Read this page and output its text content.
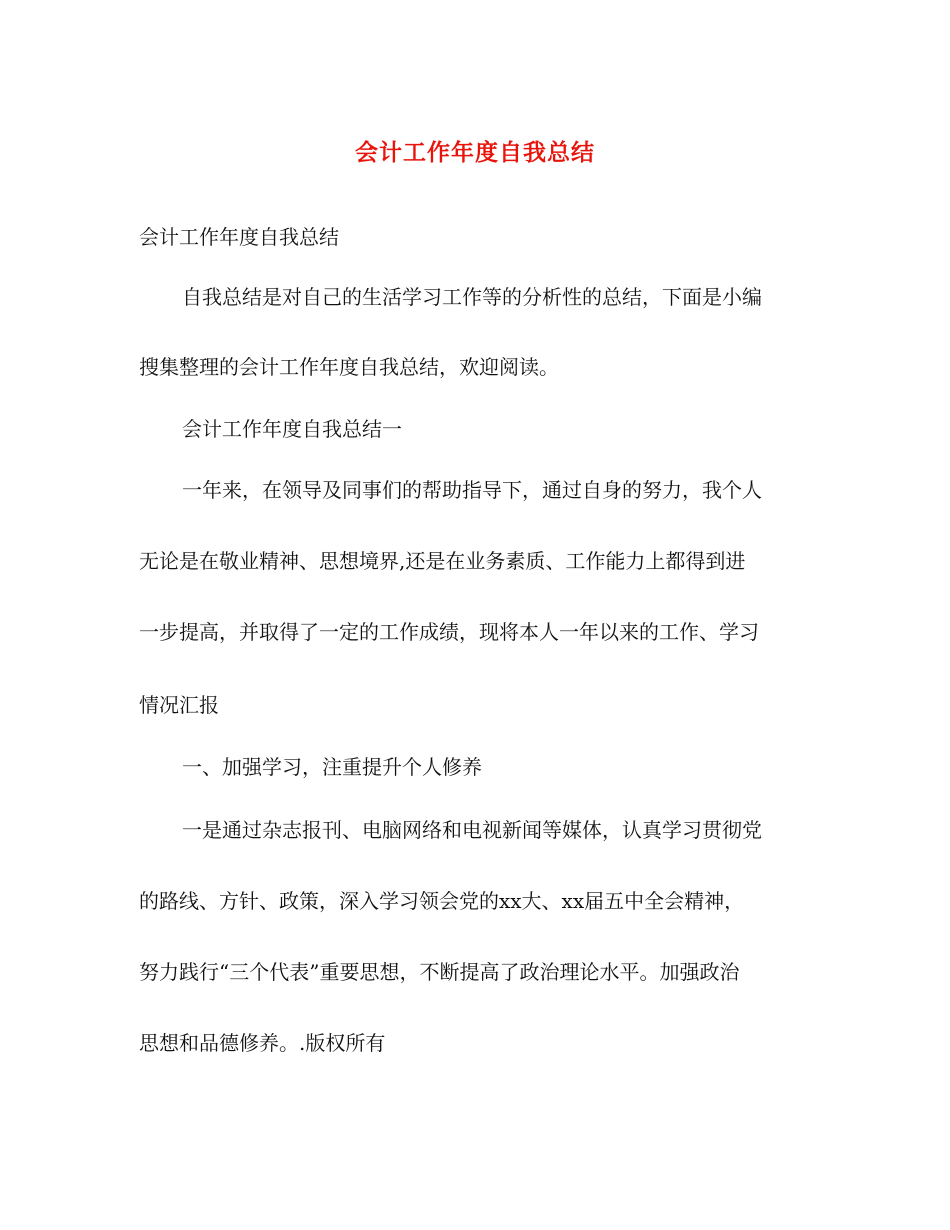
会计工作年度自我总结
会计工作年度自我总结
自我总结是对自己的生活学习工作等的分析性的总结，下面是小编
搜集整理的会计工作年度自我总结，欢迎阅读。
会计工作年度自我总结一
一年来，在领导及同事们的帮助指导下，通过自身的努力，我个人
无论是在敬业精神、思想境界,还是在业务素质、工作能力上都得到进
一步提高，并取得了一定的工作成绩，现将本人一年以来的工作、学习
情况汇报
一、加强学习，注重提升个人修养
一是通过杂志报刊、电脑网络和电视新闻等媒体，认真学习贯彻党
的路线、方针、政策，深入学习领会党的xx大、xx届五中全会精神，
努力践行“三个代表”重要思想，不断提高了政治理论水平。加强政治
思想和品德修养。.版权所有
